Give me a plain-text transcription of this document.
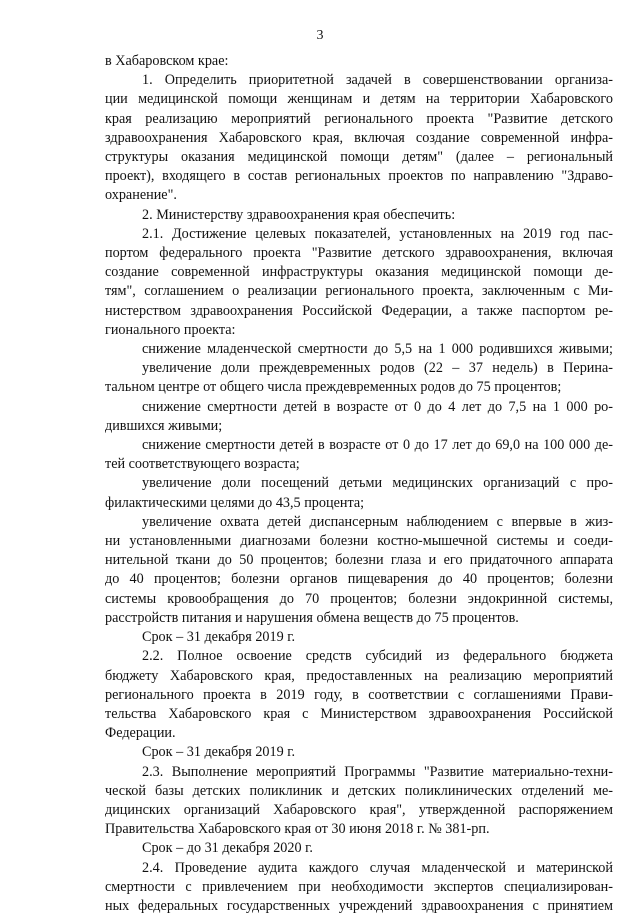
3
в Хабаровском крае:
1. Определить приоритетной задачей в совершенствовании организа-
ции медицинской помощи женщинам и детям на территории Хабаровского
края реализацию мероприятий регионального проекта "Развитие детского
здравоохранения Хабаровского края, включая создание современной инфра-
структуры оказания медицинской помощи детям" (далее – региональный
проект), входящего в состав региональных проектов по направлению "Здраво-
охранение".
2. Министерству здравоохранения края обеспечить:
2.1. Достижение целевых показателей, установленных на 2019 год пас-
портом федерального проекта "Развитие детского здравоохранения, включая
создание современной инфраструктуры оказания медицинской помощи де-
тям", соглашением о реализации регионального проекта, заключенным с Ми-
нистерством здравоохранения Российской Федерации, а также паспортом ре-
гионального проекта:
снижение младенческой смертности до 5,5 на 1 000 родившихся живыми;
увеличение доли преждевременных родов (22 – 37 недель) в Перина-
тальном центре от общего числа преждевременных родов до 75 процентов;
снижение смертности детей в возрасте от 0 до 4 лет до 7,5 на 1 000 ро-
дившихся живыми;
снижение смертности детей в возрасте от 0 до 17 лет до 69,0 на 100 000 де-
тей соответствующего возраста;
увеличение доли посещений детьми медицинских организаций с про-
филактическими целями до 43,5 процента;
увеличение охвата детей диспансерным наблюдением с впервые в жиз-
ни установленными диагнозами болезни костно-мышечной системы и соеди-
нительной ткани до 50 процентов; болезни глаза и его придаточного аппарата
до 40 процентов; болезни органов пищеварения до 40 процентов; болезни
системы кровообращения до 70 процентов; болезни эндокринной системы,
расстройств питания и нарушения обмена веществ до 75 процентов.
Срок – 31 декабря 2019 г.
2.2. Полное освоение средств субсидий из федерального бюджета
бюджету Хабаровского края, предоставленных на реализацию мероприятий
регионального проекта в 2019 году, в соответствии с соглашениями Прави-
тельства Хабаровского края с Министерством здравоохранения Российской
Федерации.
Срок – 31 декабря 2019 г.
2.3. Выполнение мероприятий Программы "Развитие материально-техни-
ческой базы детских поликлиник и детских поликлинических отделений ме-
дицинских организаций Хабаровского края", утвержденной распоряжением
Правительства Хабаровского края от 30 июня 2018 г. № 381-рп.
Срок – до 31 декабря 2020 г.
2.4. Проведение аудита каждого случая младенческой и материнской
смертности с привлечением при необходимости экспертов специализирован-
ных федеральных государственных учреждений здравоохранения с принятием
